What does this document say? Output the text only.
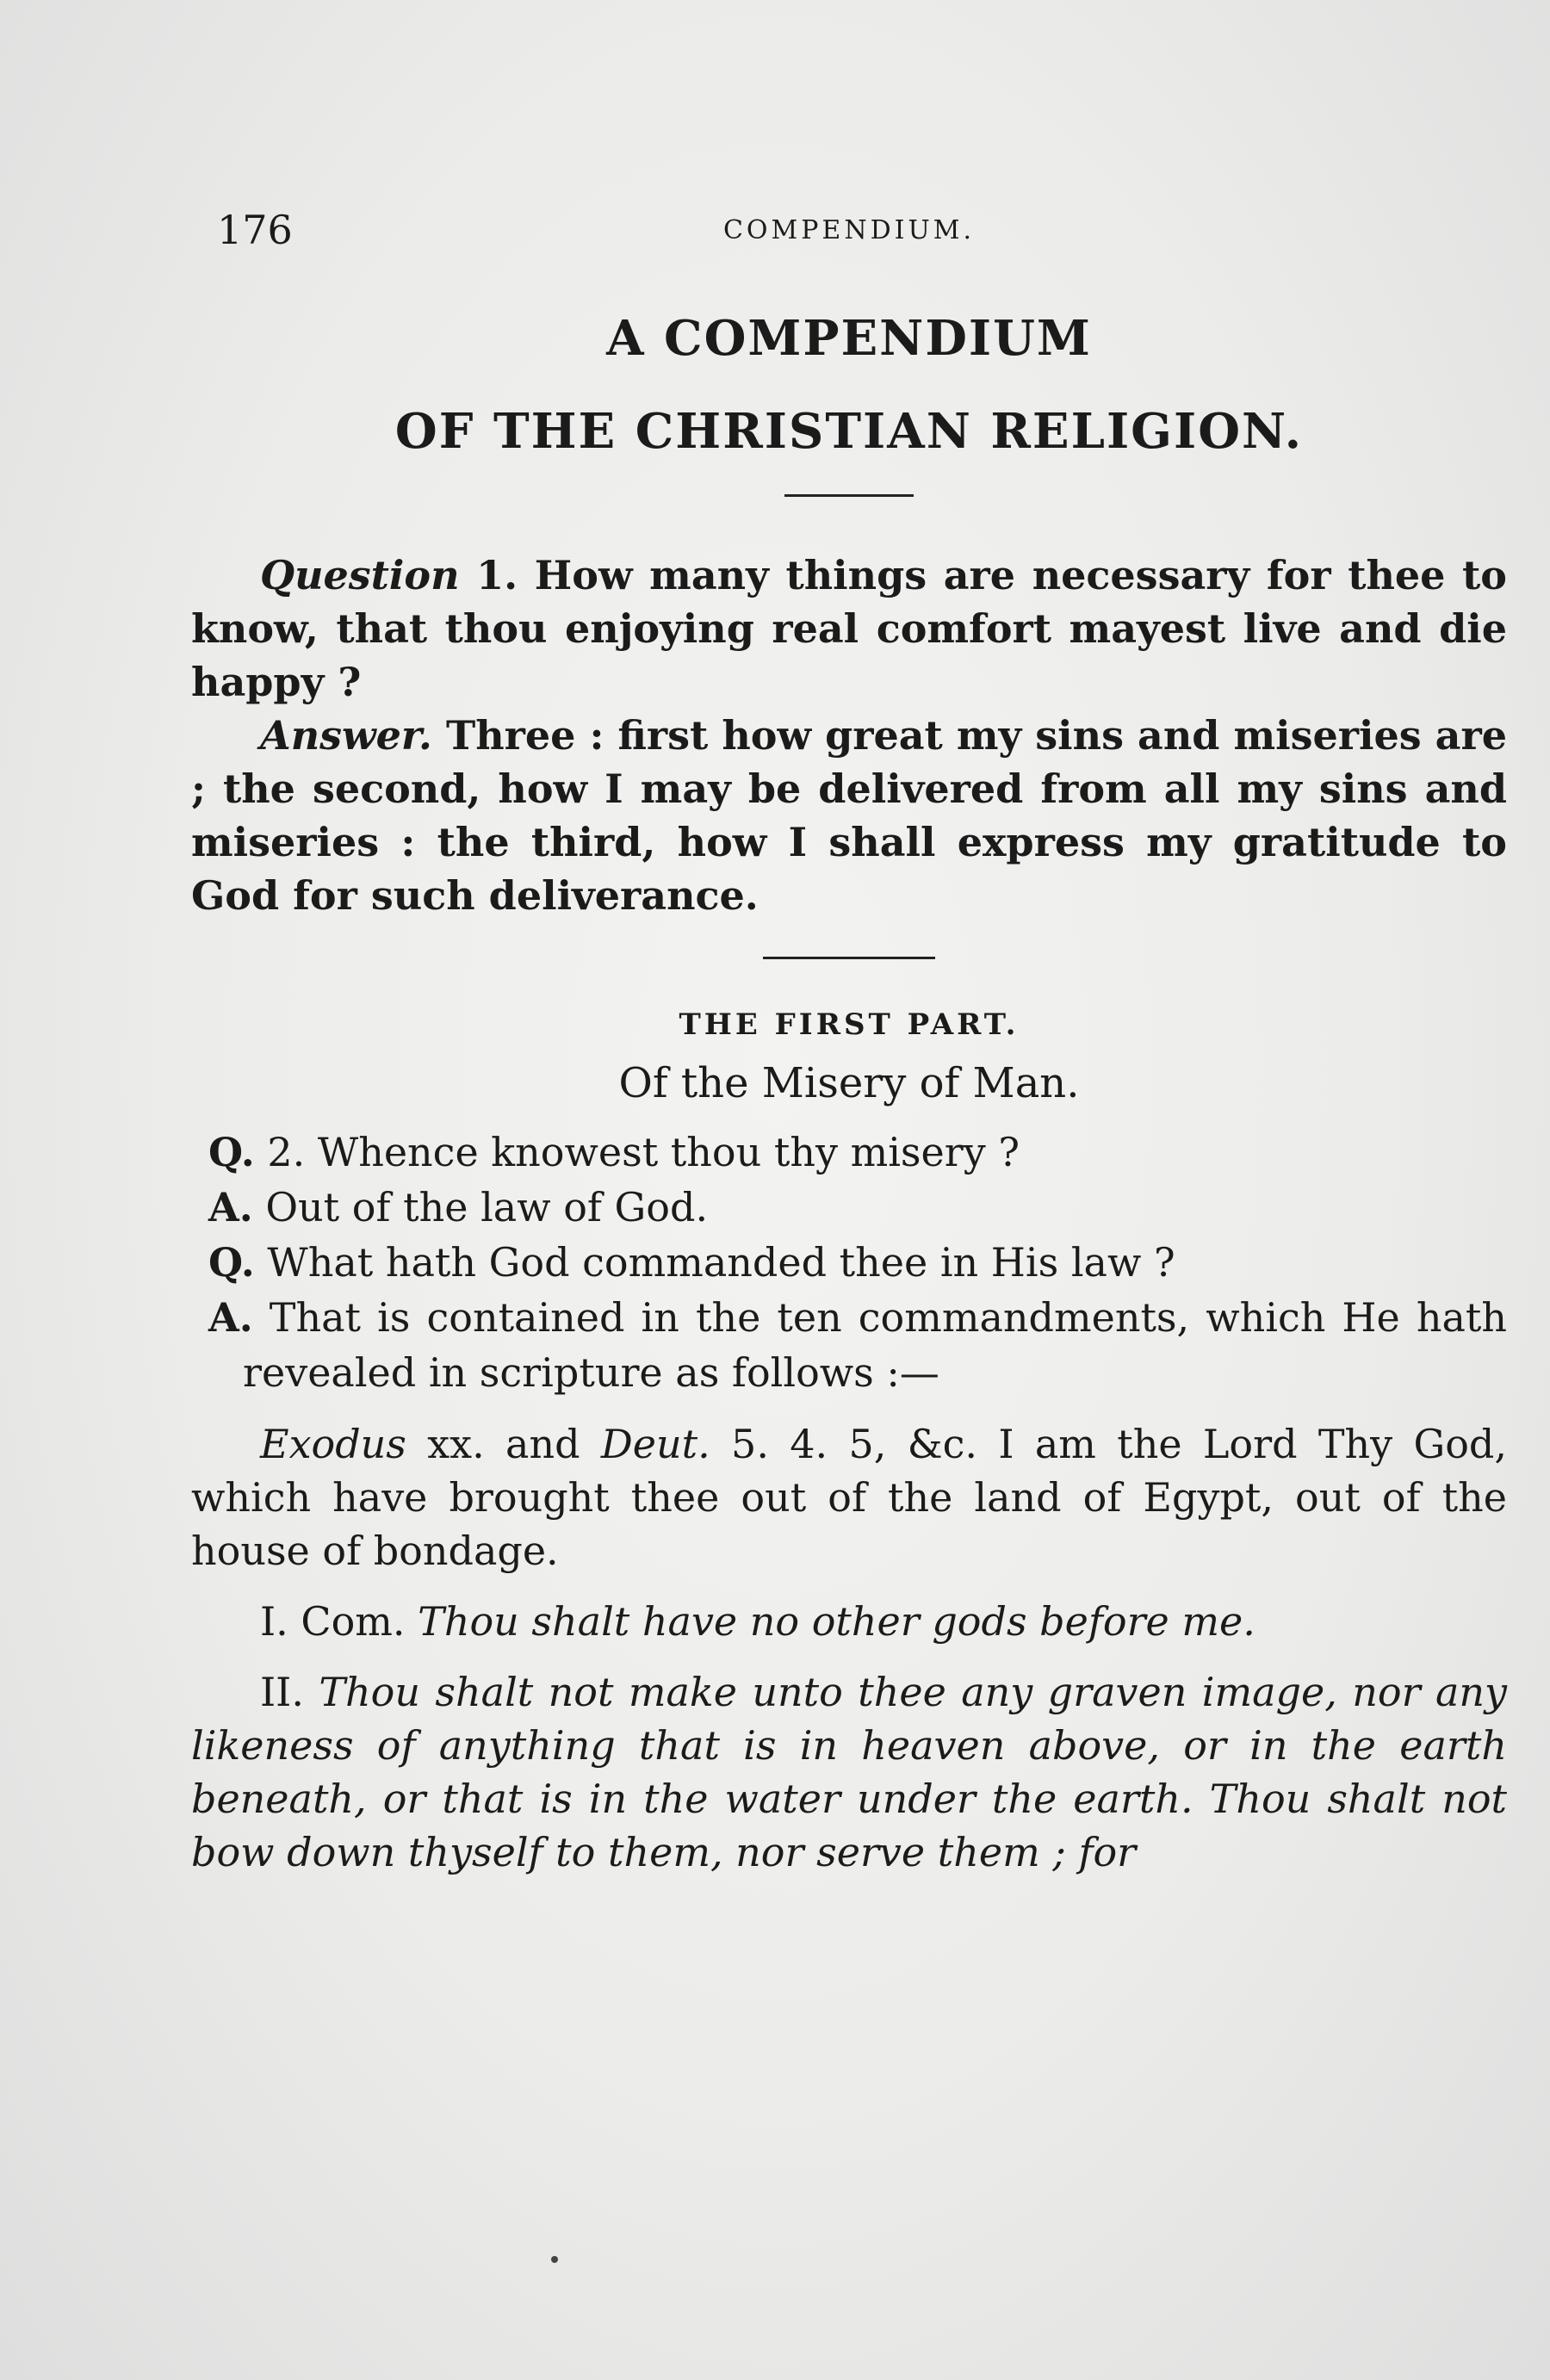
176	COMPENDIUM.
A COMPENDIUM
OF THE CHRISTIAN RELIGION.

Question 1. How many things are necessary for thee to know, that thou enjoying real comfort mayest live and die happy ?

Answer. Three : first how great my sins and miseries are ; the second, how I may be delivered from all my sins and miseries : the third, how I shall express my gratitude to God for such deliverance.

THE FIRST PART.
Of the Misery of Man.

Q. 2. Whence knowest thou thy misery ?

A. Out of the law of God.

Q. What hath God commanded thee in His law ?

A. That is contained in the ten commandments, which He hath revealed in scripture as follows :—

Exodus xx. and Deut. 5. 4. 5, &c. I am the Lord Thy God, which have brought thee out of the land of Egypt, out of the house of bondage.

I. Com. Thou shalt have no other gods before me.

II. Thou shalt not make unto thee any graven image, nor any likeness of anything that is in heaven above, or in the earth beneath, or that is in the water under the earth. Thou shalt not bow down thyself to them, nor serve them ; for
